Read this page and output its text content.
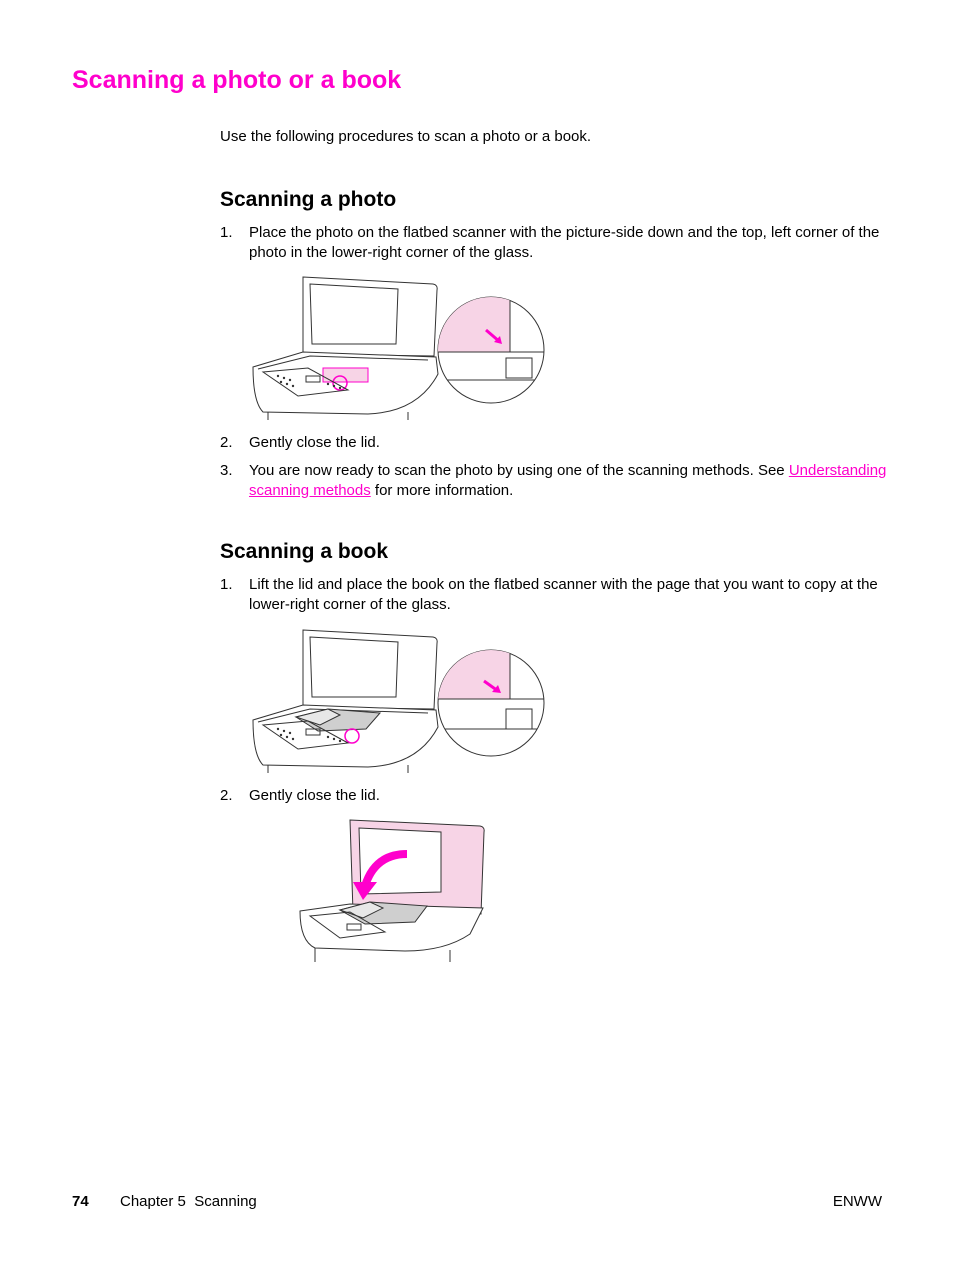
Scanning a photo or a book
Use the following procedures to scan a photo or a book.
Scanning a photo
1. Place the photo on the flatbed scanner with the picture-side down and the top, left corner of the photo in the lower-right corner of the glass.
2. Gently close the lid.
3. You are now ready to scan the photo by using one of the scanning methods. See Understanding scanning methods for more information.
Scanning a book
1. Lift the lid and place the book on the flatbed scanner with the page that you want to copy at the lower-right corner of the glass.
2. Gently close the lid.
74 Chapter 5  Scanning	ENWW
